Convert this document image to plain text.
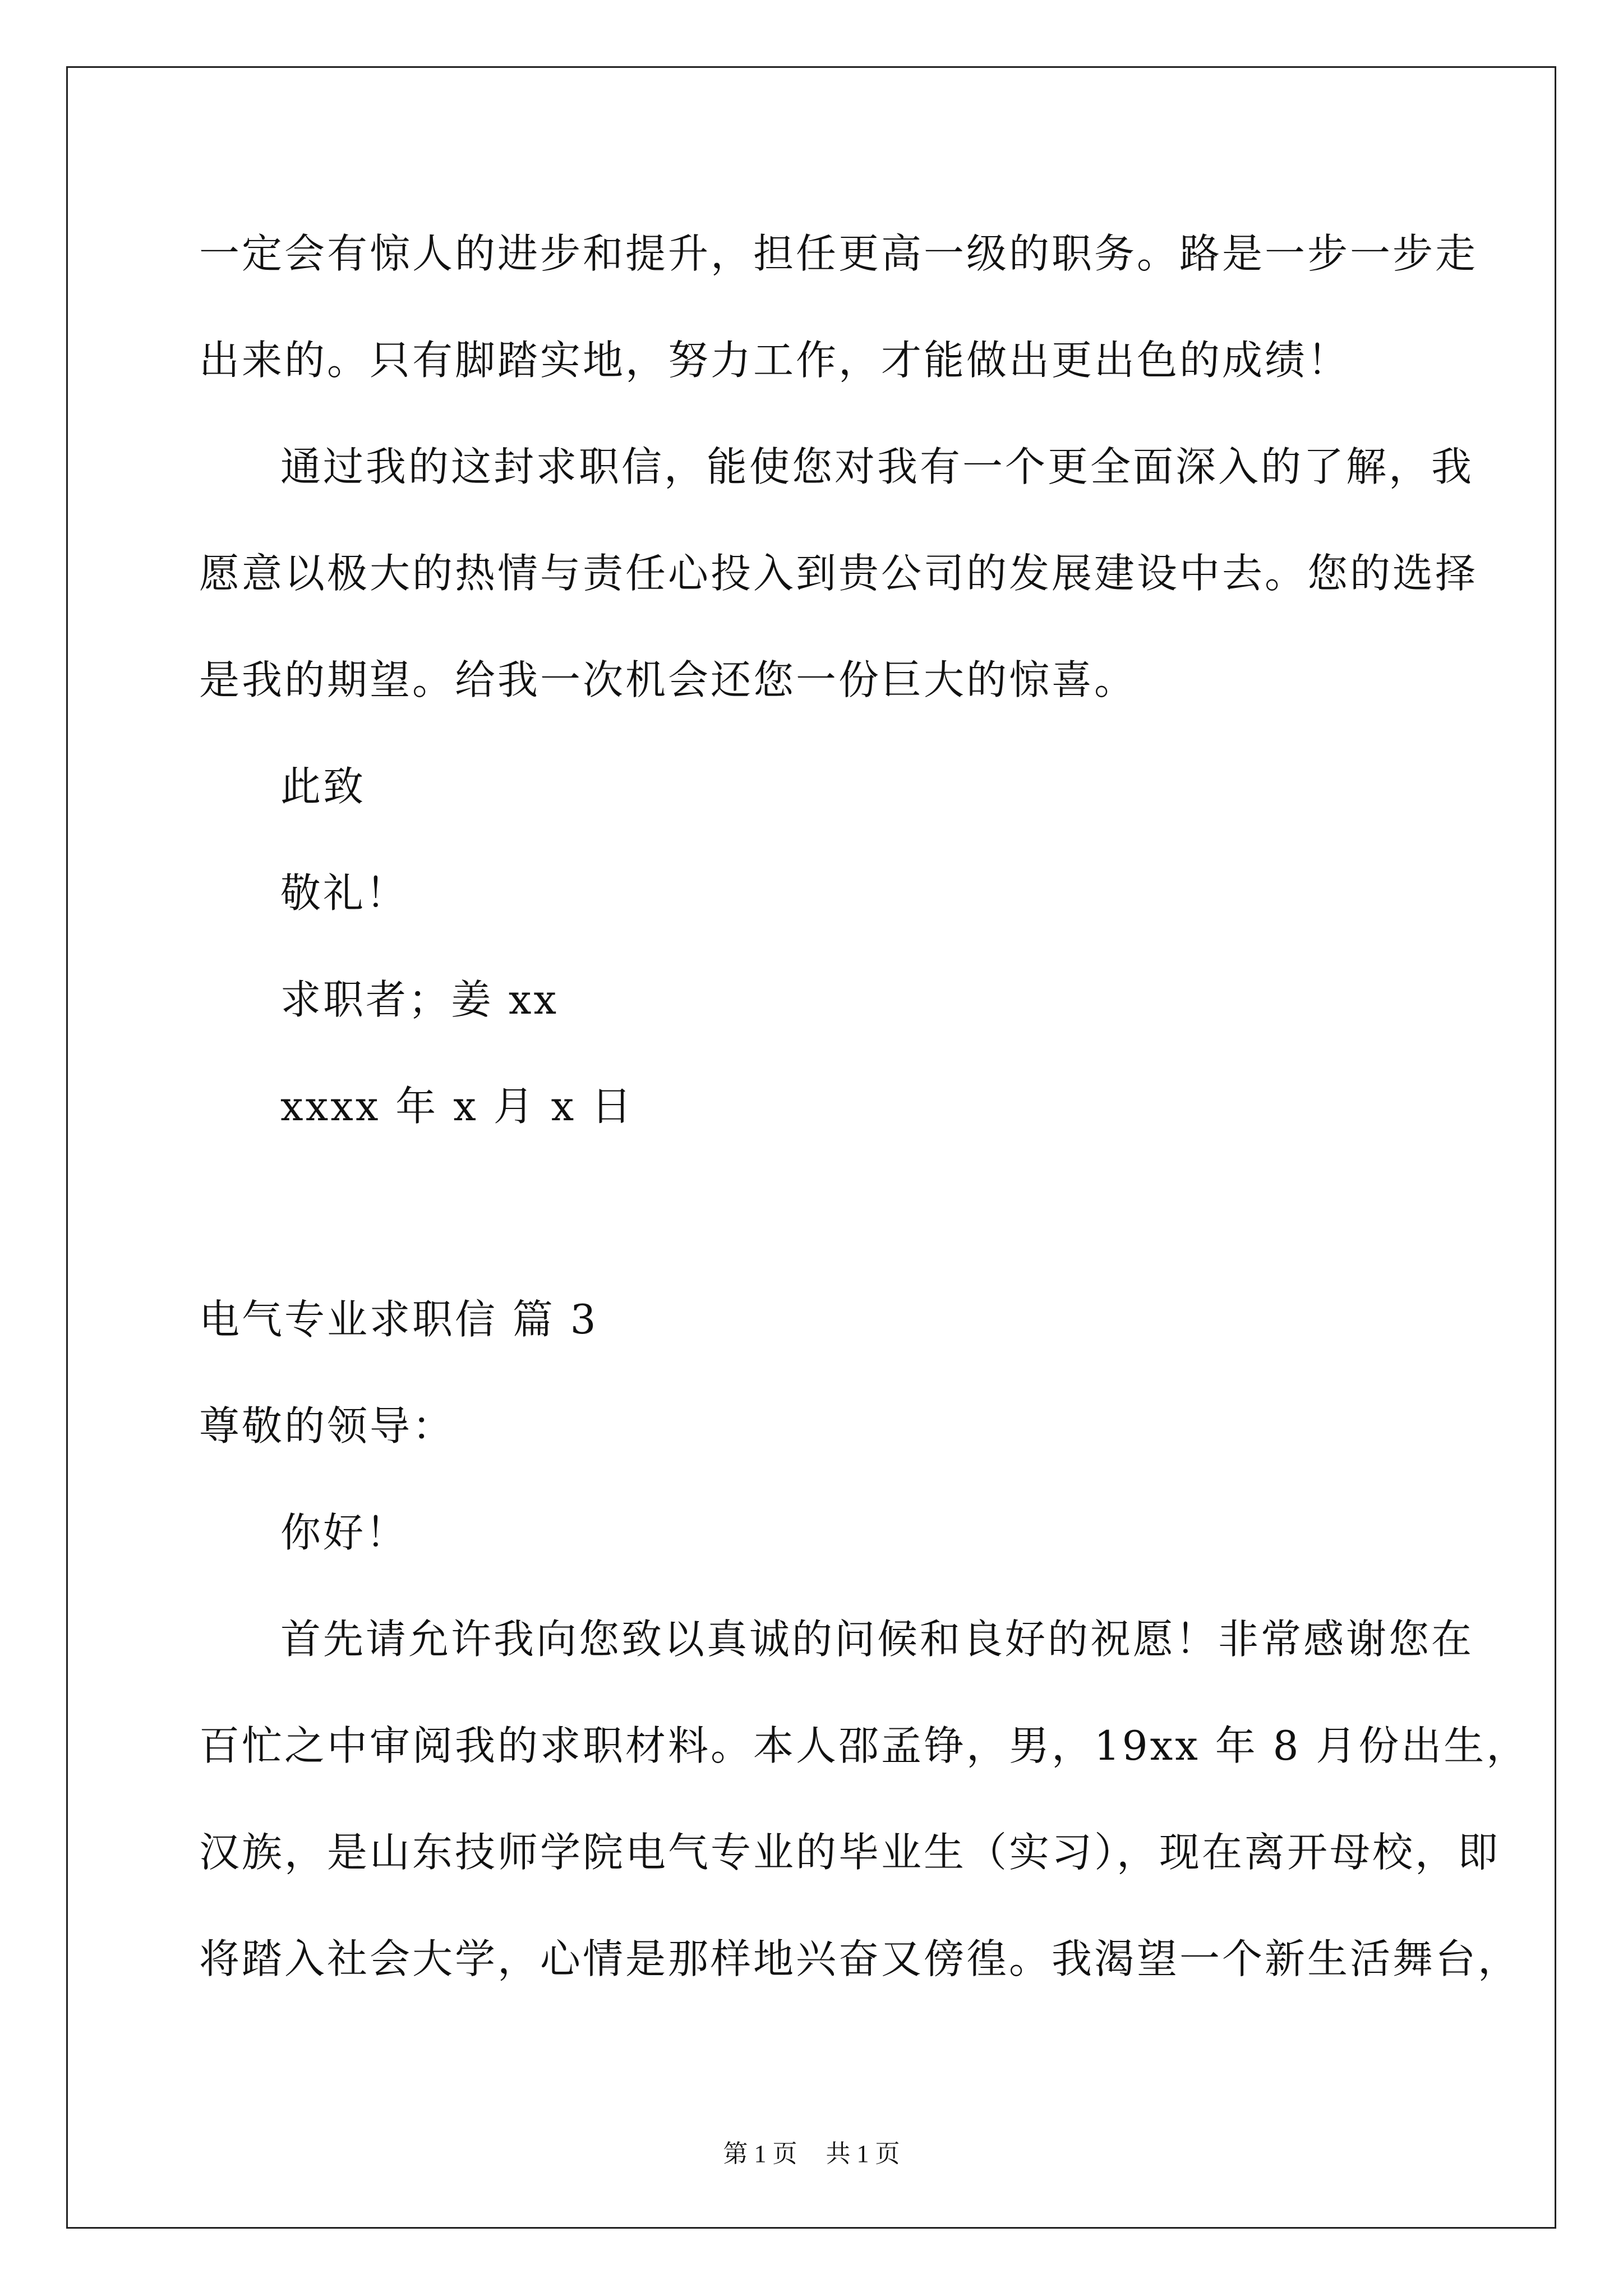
一定会有惊人的进步和提升，担任更高一级的职务。路是一步一步走
出来的。只有脚踏实地，努力工作，才能做出更出色的成绩！
通过我的这封求职信，能使您对我有一个更全面深入的了解，我
愿意以极大的热情与责任心投入到贵公司的发展建设中去。您的选择
是我的期望。给我一次机会还您一份巨大的惊喜。
此致
敬礼！
求职者；姜 xx
xxxx 年 x 月 x 日
电气专业求职信 篇 3
尊敬的领导：
你好！
首先请允许我向您致以真诚的问候和良好的祝愿！非常感谢您在
百忙之中审阅我的求职材料。本人邵孟铮，男，19xx 年 8 月份出生，
汉族，是山东技师学院电气专业的毕业生（实习），现在离开母校，即
将踏入社会大学，心情是那样地兴奋又傍徨。我渴望一个新生活舞台，
第 1 页 共 1 页
